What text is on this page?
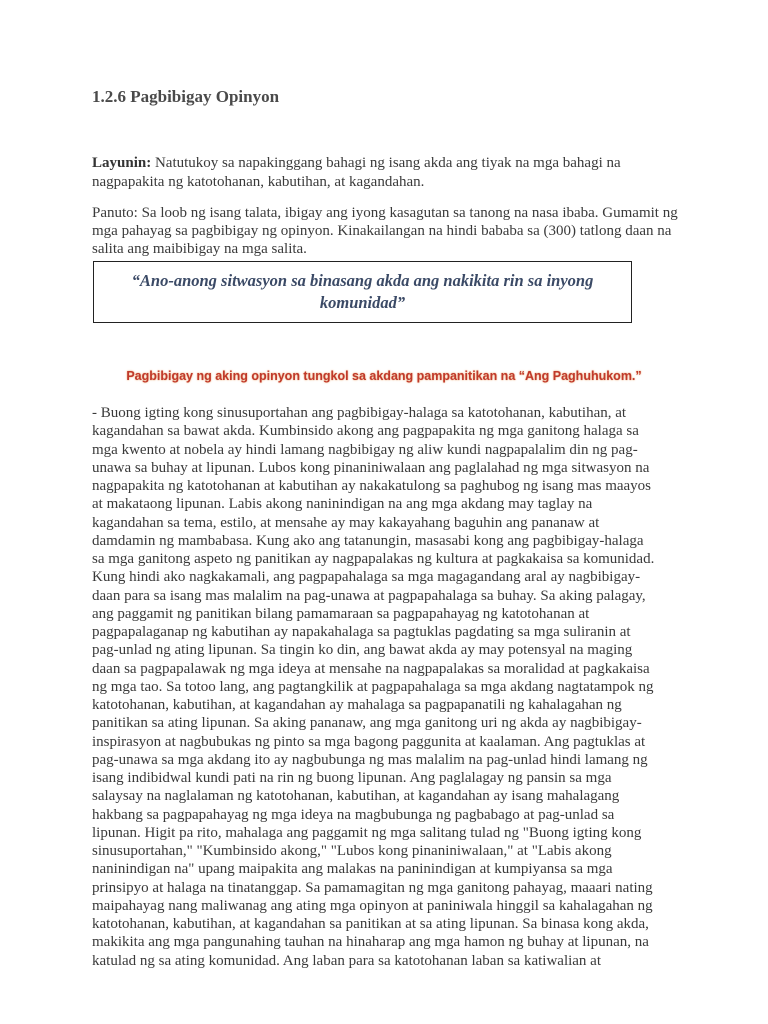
1.2.6 Pagbibigay Opinyon

Layunin: Natutukoy sa napakinggang bahagi ng isang akda ang tiyak na mga bahagi na nagpapakita ng katotohanan, kabutihan, at kagandahan.

Panuto: Sa loob ng isang talata, ibigay ang iyong kasagutan sa tanong na nasa ibaba. Gumamit ng mga pahayag sa pagbibigay ng opinyon. Kinakailangan na hindi bababa sa (300) tatlong daan na salita ang maibibigay na mga salita.

“Ano-anong sitwasyon sa binasang akda ang nakikita rin sa inyong komunidad”

Pagbibigay ng aking opinyon tungkol sa akdang pampanitikan na “Ang Paghuhukom.”

- Buong igting kong sinusuportahan ang pagbibigay-halaga sa katotohanan, kabutihan, at
kagandahan sa bawat akda. Kumbinsido akong ang pagpapakita ng mga ganitong halaga sa
mga kwento at nobela ay hindi lamang nagbibigay ng aliw kundi nagpapalalim din ng pag-
unawa sa buhay at lipunan. Lubos kong pinaniniwalaan ang paglalahad ng mga sitwasyon na
nagpapakita ng katotohanan at kabutihan ay nakakatulong sa paghubog ng isang mas maayos
at makataong lipunan. Labis akong naninindigan na ang mga akdang may taglay na
kagandahan sa tema, estilo, at mensahe ay may kakayahang baguhin ang pananaw at
damdamin ng mambabasa. Kung ako ang tatanungin, masasabi kong ang pagbibigay-halaga
sa mga ganitong aspeto ng panitikan ay nagpapalakas ng kultura at pagkakaisa sa komunidad.
Kung hindi ako nagkakamali, ang pagpapahalaga sa mga magagandang aral ay nagbibigay-
daan para sa isang mas malalim na pag-unawa at pagpapahalaga sa buhay. Sa aking palagay,
ang paggamit ng panitikan bilang pamamaraan sa pagpapahayag ng katotohanan at
pagpapalaganap ng kabutihan ay napakahalaga sa pagtuklas pagdating sa mga suliranin at
pag-unlad ng ating lipunan. Sa tingin ko din, ang bawat akda ay may potensyal na maging
daan sa pagpapalawak ng mga ideya at mensahe na nagpapalakas sa moralidad at pagkakaisa
ng mga tao. Sa totoo lang, ang pagtangkilik at pagpapahalaga sa mga akdang nagtatampok ng
katotohanan, kabutihan, at kagandahan ay mahalaga sa pagpapanatili ng kahalagahan ng
panitikan sa ating lipunan. Sa aking pananaw, ang mga ganitong uri ng akda ay nagbibigay-
inspirasyon at nagbubukas ng pinto sa mga bagong paggunita at kaalaman. Ang pagtuklas at
pag-unawa sa mga akdang ito ay nagbubunga ng mas malalim na pag-unlad hindi lamang ng
isang indibidwal kundi pati na rin ng buong lipunan. Ang paglalagay ng pansin sa mga
salaysay na naglalaman ng katotohanan, kabutihan, at kagandahan ay isang mahalagang
hakbang sa pagpapahayag ng mga ideya na magbubunga ng pagbabago at pag-unlad sa
lipunan. Higit pa rito, mahalaga ang paggamit ng mga salitang tulad ng "Buong igting kong
sinusuportahan," "Kumbinsido akong," "Lubos kong pinaniniwalaan," at "Labis akong
naninindigan na" upang maipakita ang malakas na paninindigan at kumpiyansa sa mga
prinsipyo at halaga na tinatanggap. Sa pamamagitan ng mga ganitong pahayag, maaari nating
maipahayag nang maliwanag ang ating mga opinyon at paniniwala hinggil sa kahalagahan ng
katotohanan, kabutihan, at kagandahan sa panitikan at sa ating lipunan. Sa binasa kong akda,
makikita ang mga pangunahing tauhan na hinaharap ang mga hamon ng buhay at lipunan, na
katulad ng sa ating komunidad. Ang laban para sa katotohanan laban sa katiwalian at
